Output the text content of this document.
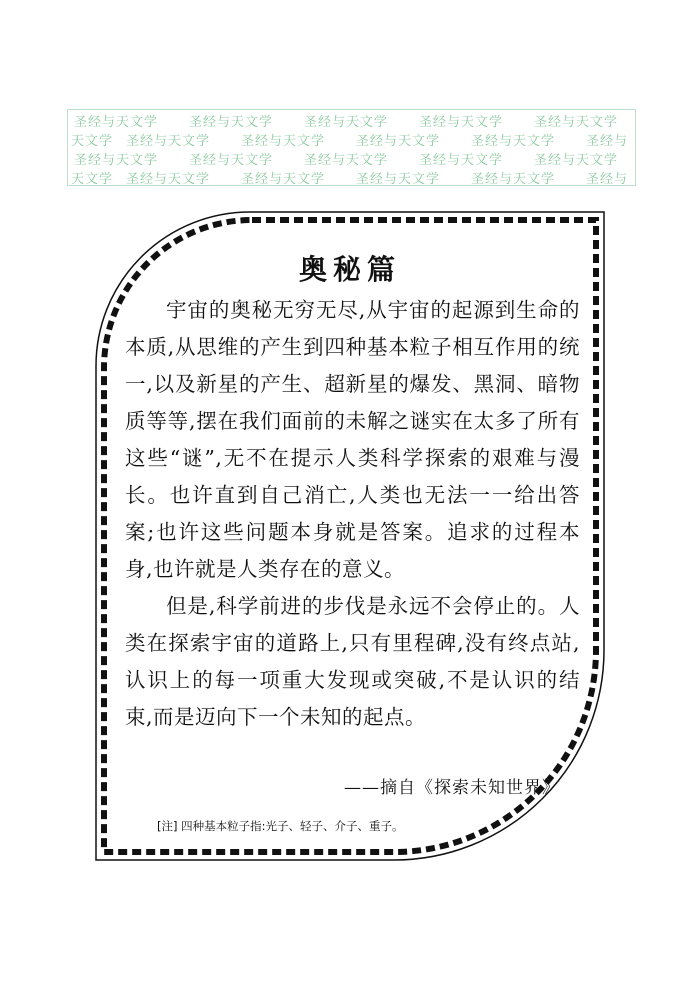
圣经与天文学 圣经与天文学 圣经与天文学 圣经与天文学 圣经与天文学
天文学 圣经与天文学 圣经与天文学 圣经与天文学 圣经与天文学 圣经与
圣经与天文学 圣经与天文学 圣经与天文学 圣经与天文学 圣经与天文学
天文学 圣经与天文学 圣经与天文学 圣经与天文学 圣经与天文学 圣经与
奥秘篇

宇宙的奥秘无穷无尽,从宇宙的起源到生命的本质,从思维的产生到四种基本粒子相互作用的统一,以及新星的产生、超新星的爆发、黑洞、暗物质等等,摆在我们面前的未解之谜实在太多了所有这些“谜”,无不在提示人类科学探索的艰难与漫长。也许直到自己消亡,人类也无法一一给出答案;也许这些问题本身就是答案。追求的过程本身,也许就是人类存在的意义。

但是,科学前进的步伐是永远不会停止的。人类在探索宇宙的道路上,只有里程碑,没有终点站,认识上的每一项重大发现或突破,不是认识的结束,而是迈向下一个未知的起点。

——摘自《探索未知世界》
[注] 四种基本粒子指:光子、轻子、介子、重子。
